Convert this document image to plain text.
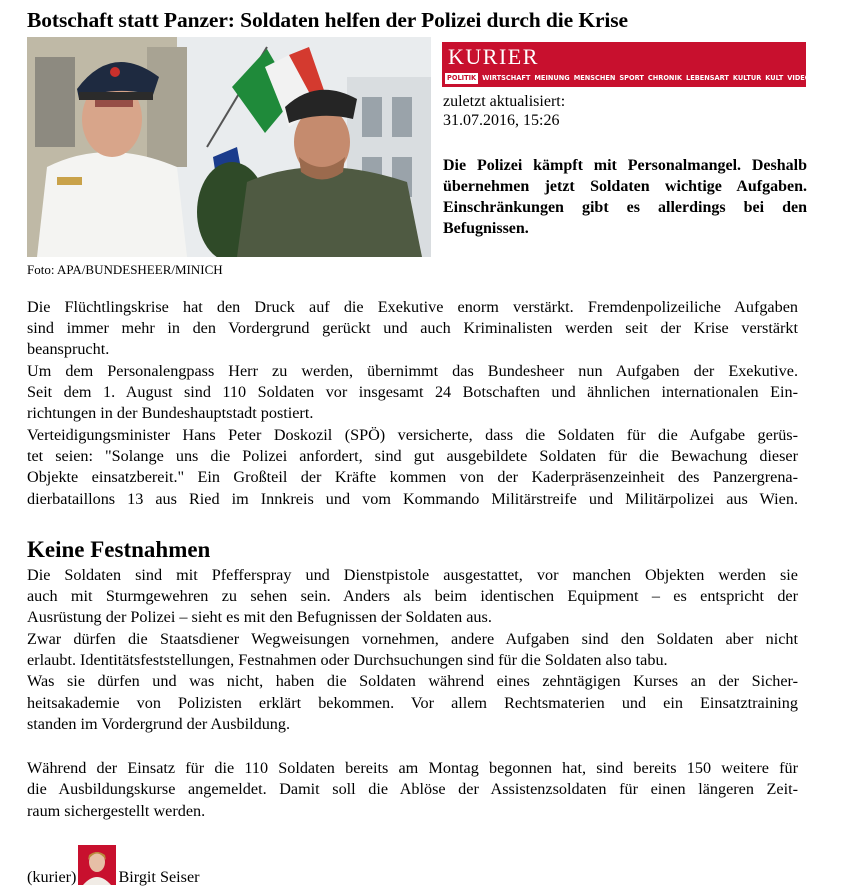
Botschaft statt Panzer: Soldaten helfen der Polizei durch die Krise
Foto: APA/BUNDESHEER/MINICH
KURIER
POLITIK WIRTSCHAFT MEINUNG MENSCHEN SPORT CHRONIK LEBENSART KULTUR KULT VIDEO
zuletzt aktualisiert:
31.07.2016, 15:26
Die Polizei kämpft mit Personalmangel. Deshalb übernehmen jetzt Soldaten wichtige Aufgaben. Einschränkungen gibt es allerdings bei den Befugnissen.
Die Flüchtlingskrise hat den Druck auf die Exekutive enorm verstärkt. Fremdenpolizeiliche Aufgaben
sind immer mehr in den Vordergrund gerückt und auch Kriminalisten werden seit der Krise verstärkt
beansprucht.
Um dem Personalengpass Herr zu werden, übernimmt das Bundesheer nun Aufgaben der Exekutive.
Seit dem 1. August sind 110 Soldaten vor insgesamt 24 Botschaften und ähnlichen internationalen Ein-
richtungen in der Bundeshauptstadt postiert.
Verteidigungsminister Hans Peter Doskozil (SPÖ) versicherte, dass die Soldaten für die Aufgabe gerüs-
tet seien: "Solange uns die Polizei anfordert, sind gut ausgebildete Soldaten für die Bewachung dieser
Objekte einsatzbereit." Ein Großteil der Kräfte kommen von der Kaderpräsenzeinheit des Panzergrena-
dierbataillons 13 aus Ried im Innkreis und vom Kommando Militärstreife und Militärpolizei aus Wien.
Keine Festnahmen
Die Soldaten sind mit Pfefferspray und Dienstpistole ausgestattet, vor manchen Objekten werden sie
auch mit Sturmgewehren zu sehen sein. Anders als beim identischen Equipment – es entspricht der
Ausrüstung der Polizei – sieht es mit den Befugnissen der Soldaten aus.
Zwar dürfen die Staatsdiener Wegweisungen vornehmen, andere Aufgaben sind den Soldaten aber nicht
erlaubt. Identitätsfeststellungen, Festnahmen oder Durchsuchungen sind für die Soldaten also tabu.
Was sie dürfen und was nicht, haben die Soldaten während eines zehntägigen Kurses an der Sicher-
heitsakademie von Polizisten erklärt bekommen. Vor allem Rechtsmaterien und ein Einsatztraining
standen im Vordergrund der Ausbildung.
Während der Einsatz für die 110 Soldaten bereits am Montag begonnen hat, sind bereits 150 weitere für
die Ausbildungskurse angemeldet. Damit soll die Ablöse der Assistenzsoldaten für einen längeren Zeit-
raum sichergestellt werden.
(kurier)	Birgit Seiser
